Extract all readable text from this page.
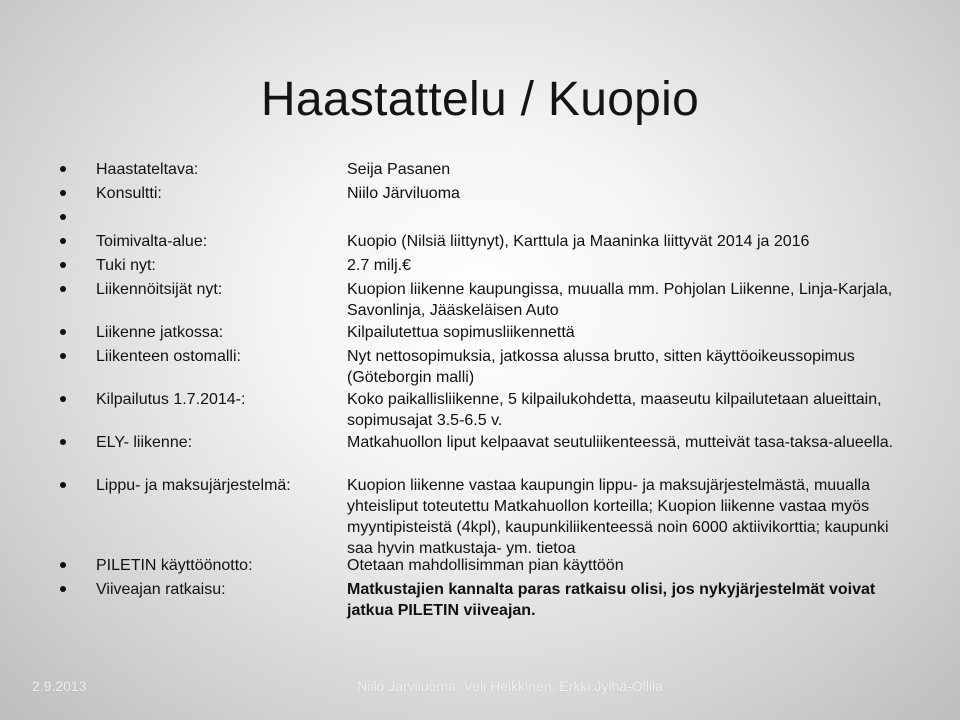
Haastattelu / Kuopio
Haastateltava:	Seija Pasanen
Konsultti:	Niilo Järviluoma
Toimivalta-alue:	Kuopio (Nilsiä liittynyt), Karttula ja Maaninka liittyvät 2014 ja 2016
Tuki nyt:	2.7 milj.€
Liikennöitsijät nyt:	Kuopion liikenne kaupungissa, muualla mm. Pohjolan Liikenne, Linja-Karjala, Savonlinja, Jääskeläisen Auto
Liikenne jatkossa:	Kilpailutettua sopimusliikennettä
Liikenteen ostomalli:	Nyt nettosopimuksia, jatkossa alussa brutto, sitten käyttöoikeussopimus (Göteborgin malli)
Kilpailutus 1.7.2014-:	Koko paikallisliikenne, 5 kilpailukohdetta, maaseutu kilpailutetaan alueittain, sopimusajat 3.5-6.5 v.
ELY- liikenne:	Matkahuollon liput kelpaavat seutuliikenteessä, mutteivät tasa-taksa-alueella.
Lippu- ja maksujärjestelmä:	Kuopion liikenne vastaa kaupungin lippu- ja maksujärjestelmästä, muualla yhteisliput toteutettu Matkahuollon korteilla; Kuopion liikenne vastaa myös myyntipisteistä (4kpl), kaupunkiliikenteessä noin 6000 aktiivikorttia; kaupunki saa hyvin matkustaja- ym. tietoa
PILETIN käyttöönotto:	Otetaan mahdollisimman pian käyttöön
Viiveajan ratkaisu:	Matkustajien kannalta paras ratkaisu olisi, jos nykyjärjestelmät voivat jatkua PILETIN viiveajan.
2.9.2013	Niilo Järviluoma, Veli Heikkinen, Erkki Jylhä-Ollila
